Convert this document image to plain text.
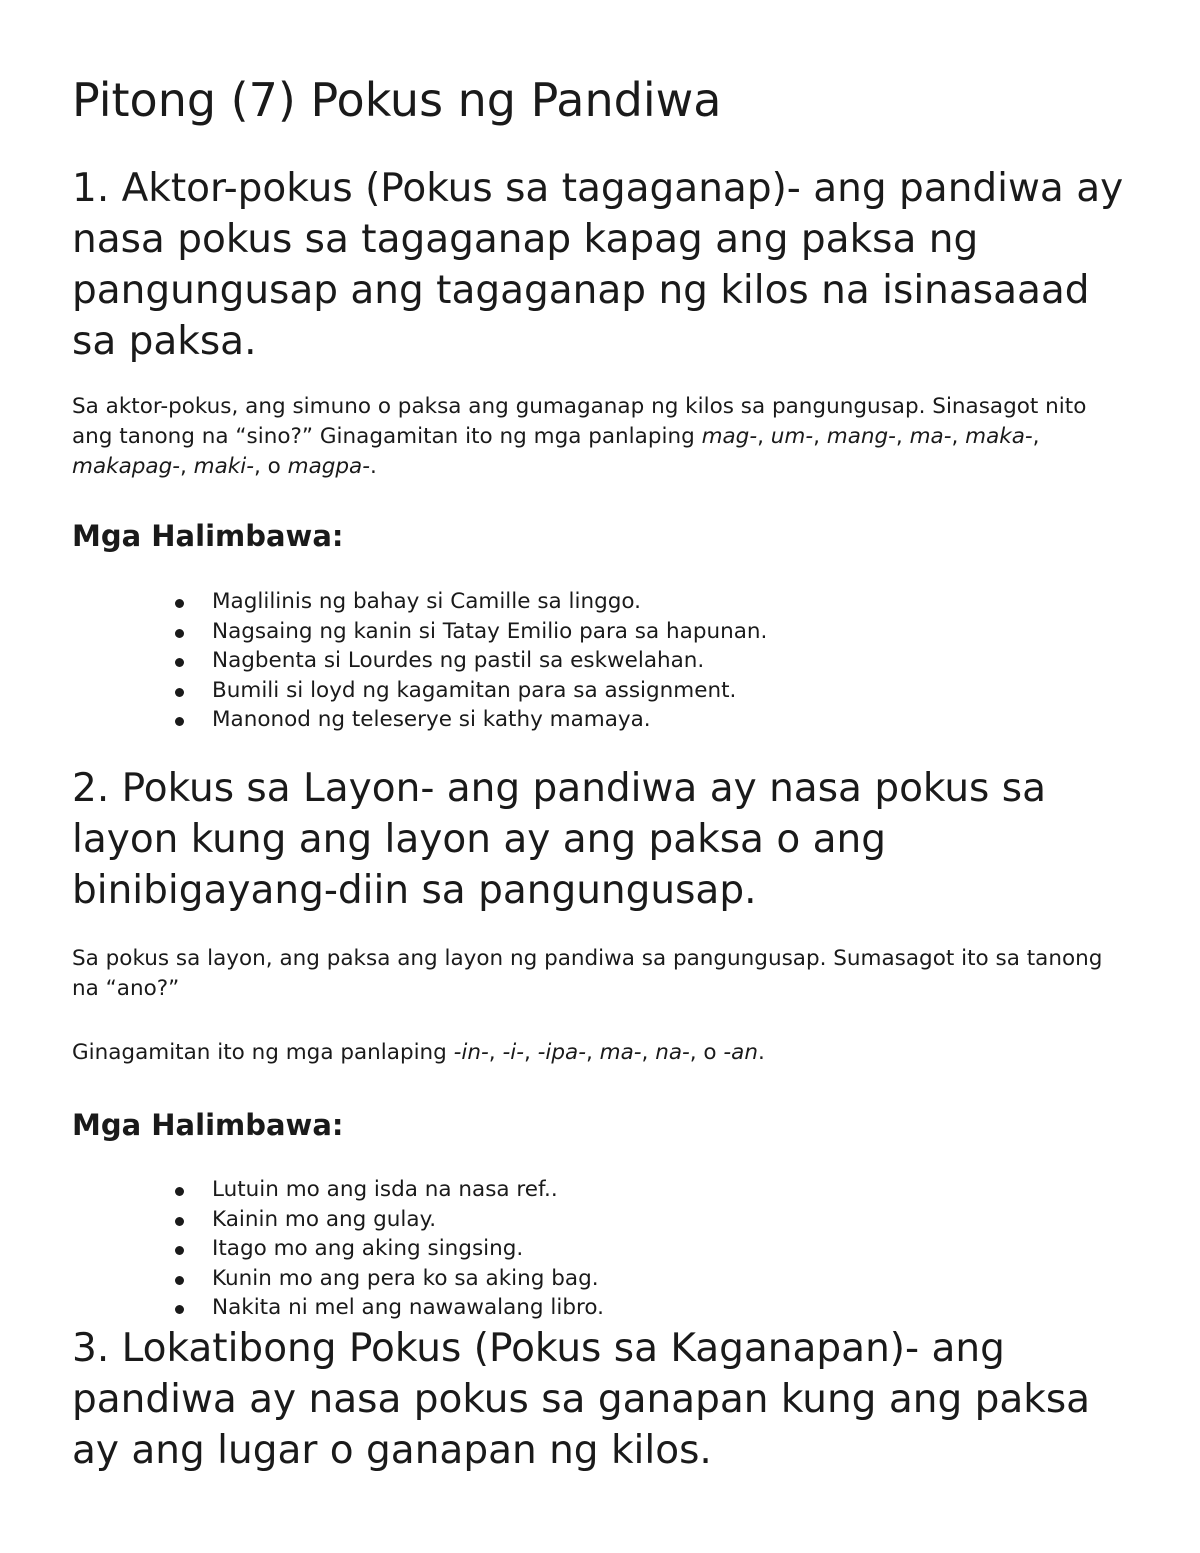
Pitong (7) Pokus ng Pandiwa
1. Aktor-pokus (Pokus sa tagaganap)- ang pandiwa ay nasa pokus sa tagaganap kapag ang paksa ng pangungusap ang tagaganap ng kilos na isinasaaad sa paksa.

Sa aktor-pokus, ang simuno o paksa ang gumaganap ng kilos sa pangungusap. Sinasagot nito ang tanong na “sino?” Ginagamitan ito ng mga panlaping mag-, um-, mang-, ma-, maka-, makapag-, maki-, o magpa-.

Mga Halimbawa:
Maglilinis ng bahay si Camille sa linggo.
Nagsaing ng kanin si Tatay Emilio para sa hapunan.
Nagbenta si Lourdes ng pastil sa eskwelahan.
Bumili si loyd ng kagamitan para sa assignment.
Manonod ng teleserye si kathy mamaya.
2. Pokus sa Layon- ang pandiwa ay nasa pokus sa layon kung ang layon ay ang paksa o ang binibigayang-diin sa pangungusap.

Sa pokus sa layon, ang paksa ang layon ng pandiwa sa pangungusap. Sumasagot ito sa tanong na “ano?”

Ginagamitan ito ng mga panlaping -in-, -i-, -ipa-, ma-, na-, o -an.

Mga Halimbawa:
Lutuin mo ang isda na nasa ref..
Kainin mo ang gulay.
Itago mo ang aking singsing.
Kunin mo ang pera ko sa aking bag.
Nakita ni mel ang nawawalang libro.
3. Lokatibong Pokus (Pokus sa Kaganapan)- ang pandiwa ay nasa pokus sa ganapan kung ang paksa ay ang lugar o ganapan ng kilos.
